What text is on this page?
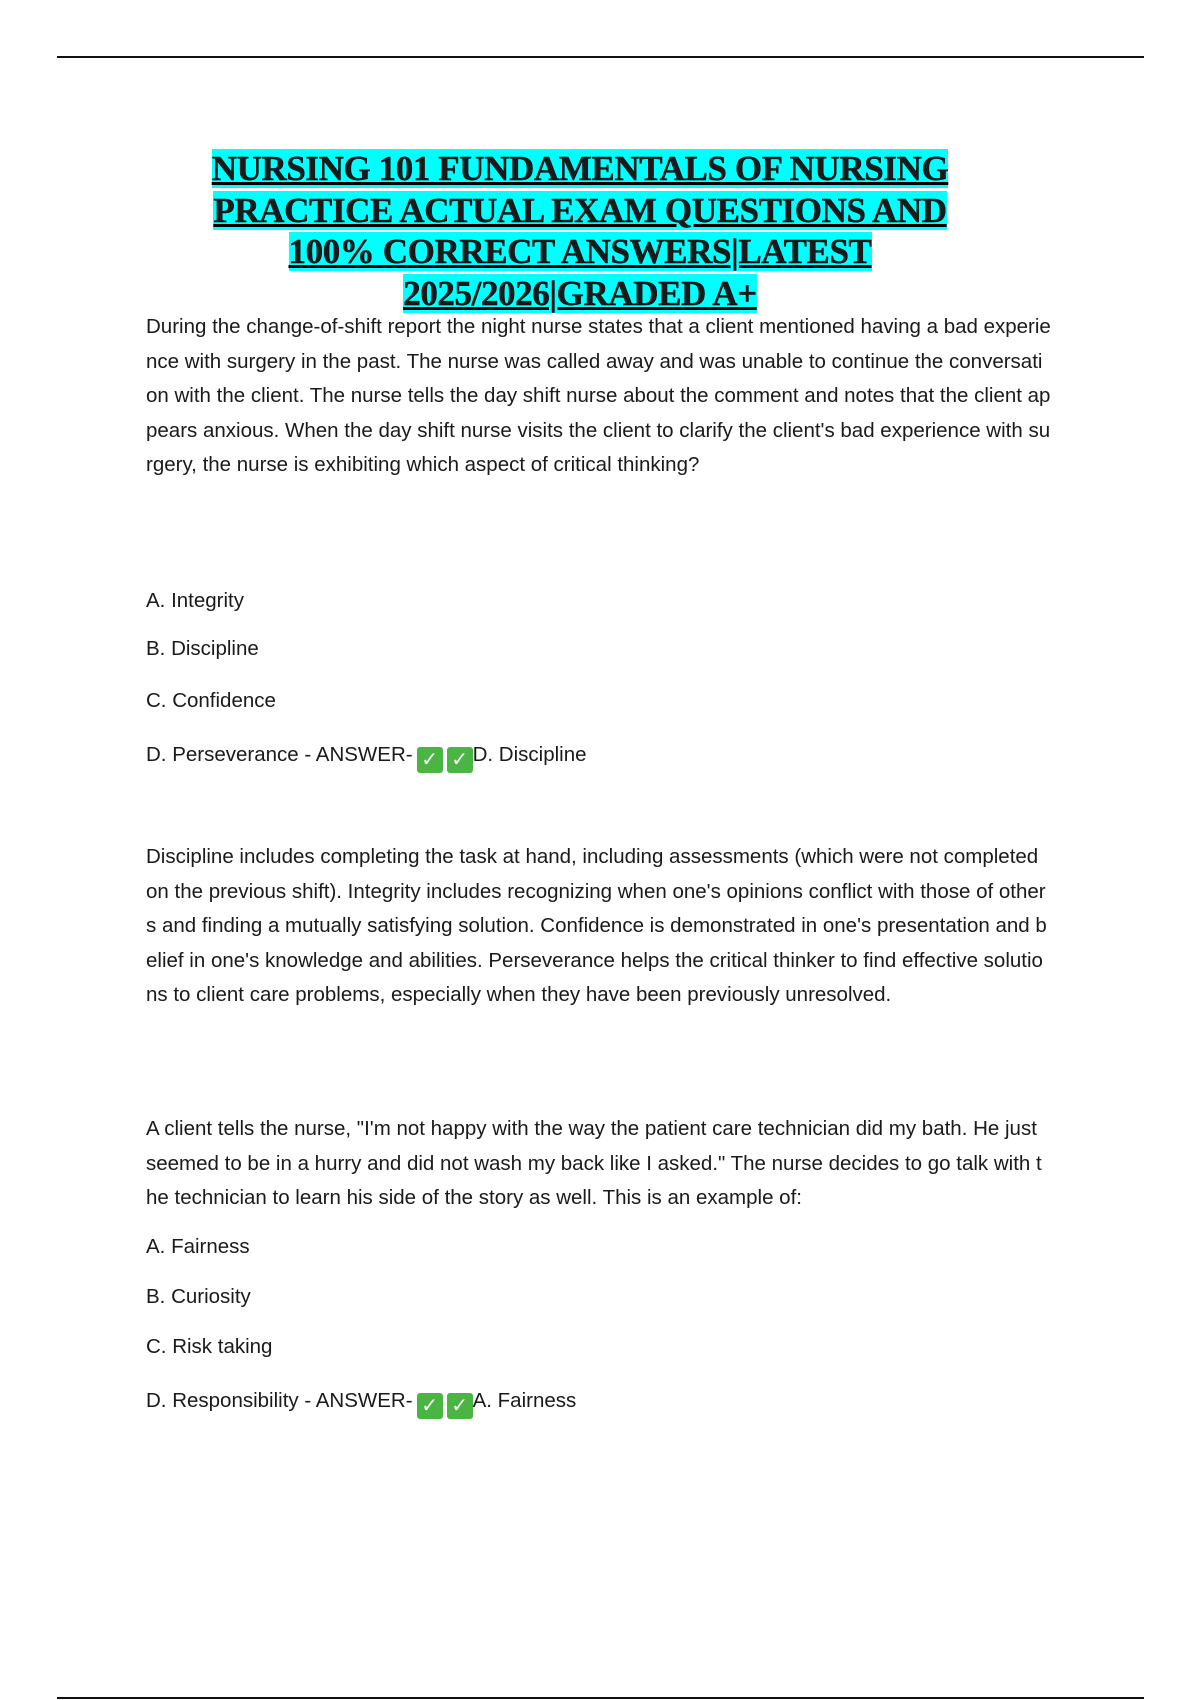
NURSING 101 FUNDAMENTALS OF NURSING
PRACTICE ACTUAL EXAM QUESTIONS AND
100% CORRECT ANSWERS|LATEST
2025/2026|GRADED A+
During the change-of-shift report the night nurse states that a client mentioned having a bad experience with surgery in the past. The nurse was called away and was unable to continue the conversation with the client. The nurse tells the day shift nurse about the comment and notes that the client appears anxious. When the day shift nurse visits the client to clarify the client's bad experience with surgery, the nurse is exhibiting which aspect of critical thinking?
A. Integrity
B. Discipline
C. Confidence
D. Perseverance - ANSWER- ✓ ✓ D. Discipline
Discipline includes completing the task at hand, including assessments (which were not completed on the previous shift). Integrity includes recognizing when one's opinions conflict with those of others and finding a mutually satisfying solution. Confidence is demonstrated in one's presentation and belief in one's knowledge and abilities. Perseverance helps the critical thinker to find effective solutions to client care problems, especially when they have been previously unresolved.
A client tells the nurse, "I'm not happy with the way the patient care technician did my bath. He just seemed to be in a hurry and did not wash my back like I asked." The nurse decides to go talk with the technician to learn his side of the story as well. This is an example of:
A. Fairness
B. Curiosity
C. Risk taking
D. Responsibility - ANSWER- ✓ ✓ A. Fairness
